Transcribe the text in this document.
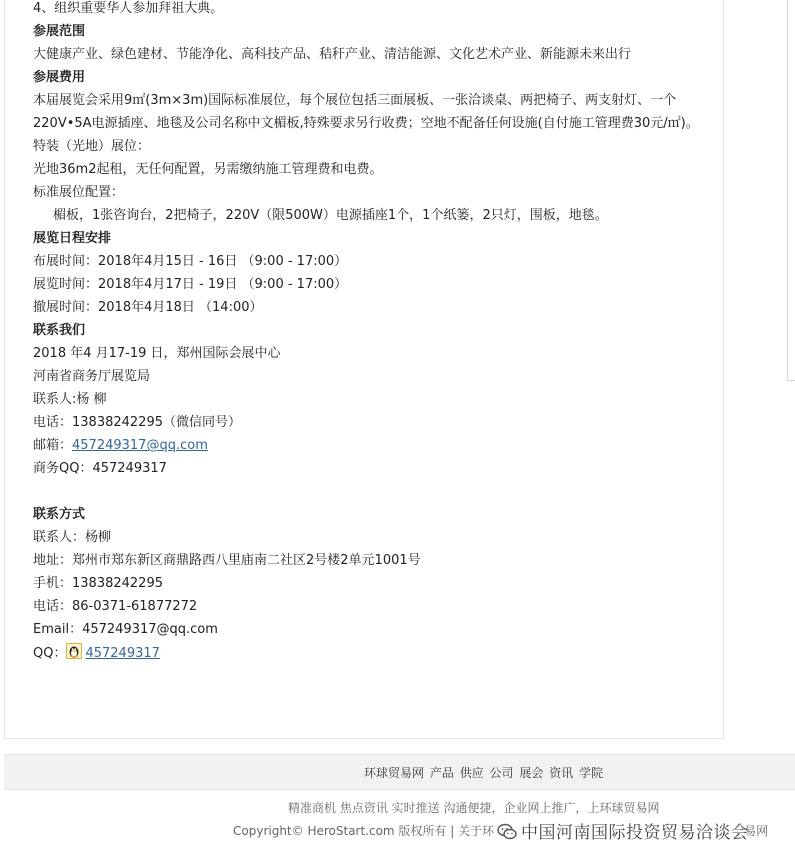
4、组织重要华人参加拜祖大典。
参展范围
大健康产业、绿色建材、节能净化、高科技产品、秸秆产业、清洁能源、文化艺术产业、新能源未来出行
参展费用
本届展览会采用9㎡(3m×3m)国际标准展位，每个展位包括三面展板、一张洽谈桌、两把椅子、两支射灯、一个
220V•5A电源插座、地毯及公司名称中文楣板,特殊要求另行收费；空地不配备任何设施(自付施工管理费30元/㎡)。
特装（光地）展位：
光地36m2起租，无任何配置，另需缴纳施工管理费和电费。
标准展位配置：
楣板，1张咨询台，2把椅子，220V（限500W）电源插座1个，1个纸篓，2只灯，围板，地毯。
展览日程安排
布展时间：2018年4月15日 - 16日 （9:00 - 17:00）
展览时间：2018年4月17日 - 19日 （9:00 - 17:00）
撤展时间：2018年4月18日 （14:00）
联系我们
2018 年4 月17-19 日，郑州国际会展中心
河南省商务厅展览局
联系人:杨 柳
电话：13838242295（微信同号）
邮箱：457249317@qq.com
商务QQ：457249317
联系方式
联系人：杨柳
地址：郑州市郑东新区商鼎路西八里庙南二社区2号楼2单元1001号
手机：13838242295
电话：86-0371-61877272
Email：457249317@qq.com
QQ： 457249317
环球贸易网 产品 供应 公司 展会 资讯 学院
精准商机 焦点资讯 实时推送 沟通便捷，企业网上推广，上环球贸易网
Copyright© HeroStart.com 版权所有 | 关于环	易网
中国河南国际投资贸易洽谈会
